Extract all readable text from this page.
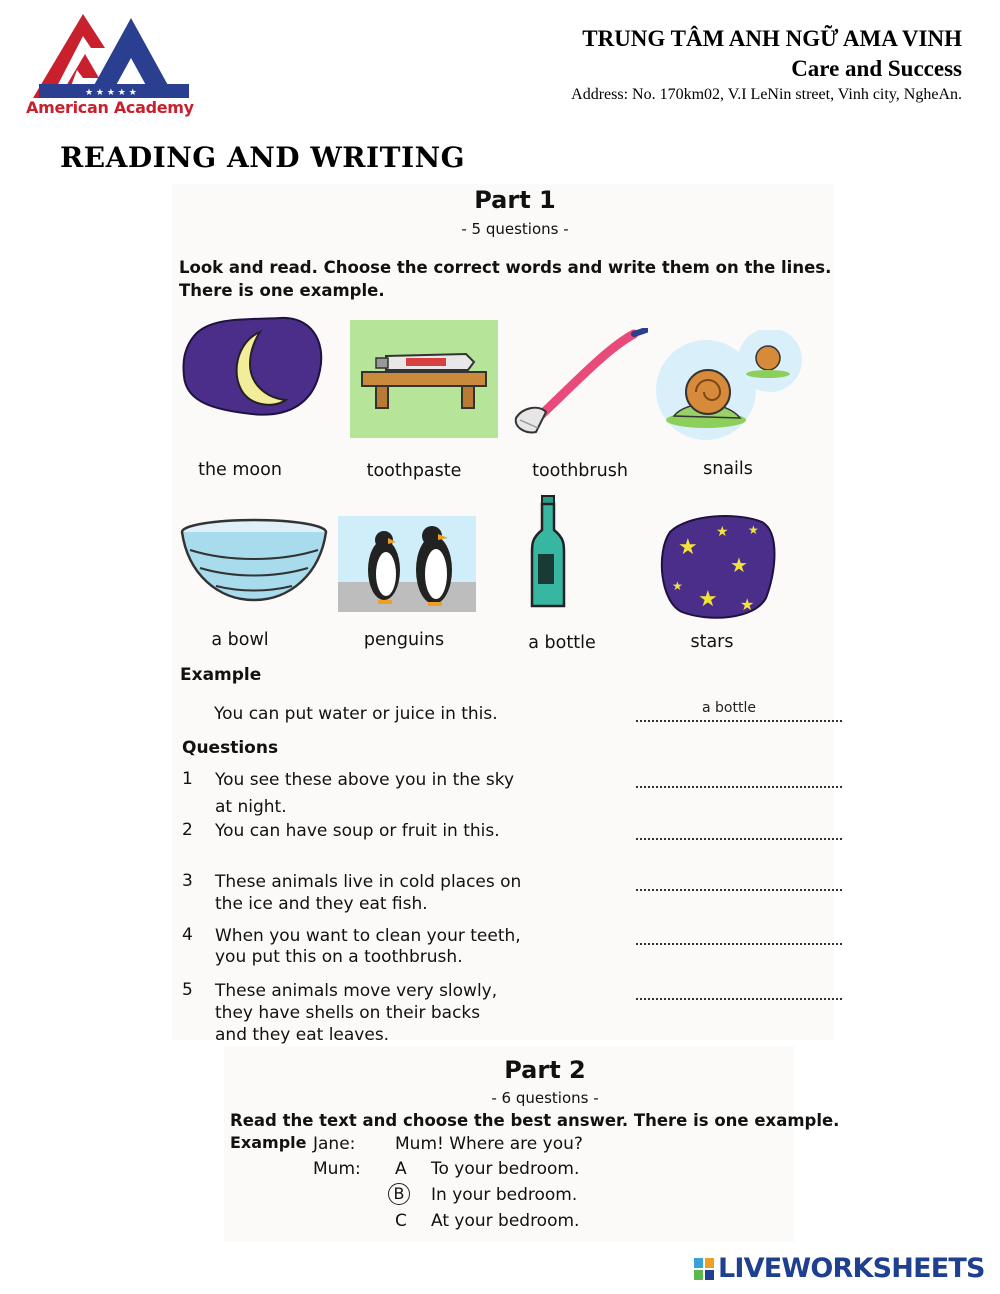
★ ★ ★ ★ ★
American Academy
TRUNG TÂM ANH NGỮ AMA VINH
Care and Success
Address: No. 170km02, V.I LeNin street, Vinh city, NgheAn.
READING AND WRITING
Part 1
- 5 questions -
Look and read. Choose the correct words and write them on the lines.
There is one example.
the moon	toothpaste	toothbrush	snails
★
★
★
★
★
★ ★
a bowl	penguins	a bottle	stars
Example
You can put water or juice in this.	a bottle
Questions
1 You see these above you in the sky
at night.
2 You can have soup or fruit in this.
3 These animals live in cold places on
the ice and they eat fish.
4 When you want to clean your teeth,
you put this on a toothbrush.
5 These animals move very slowly,
they have shells on their backs
and they eat leaves.
Part 2
- 6 questions -
Read the text and choose the best answer. There is one example.
Example Jane: Mum! Where are you?
Mum: A To your bedroom.
B	In your bedroom.
C At your bedroom.
LIVEWORKSHEETS
